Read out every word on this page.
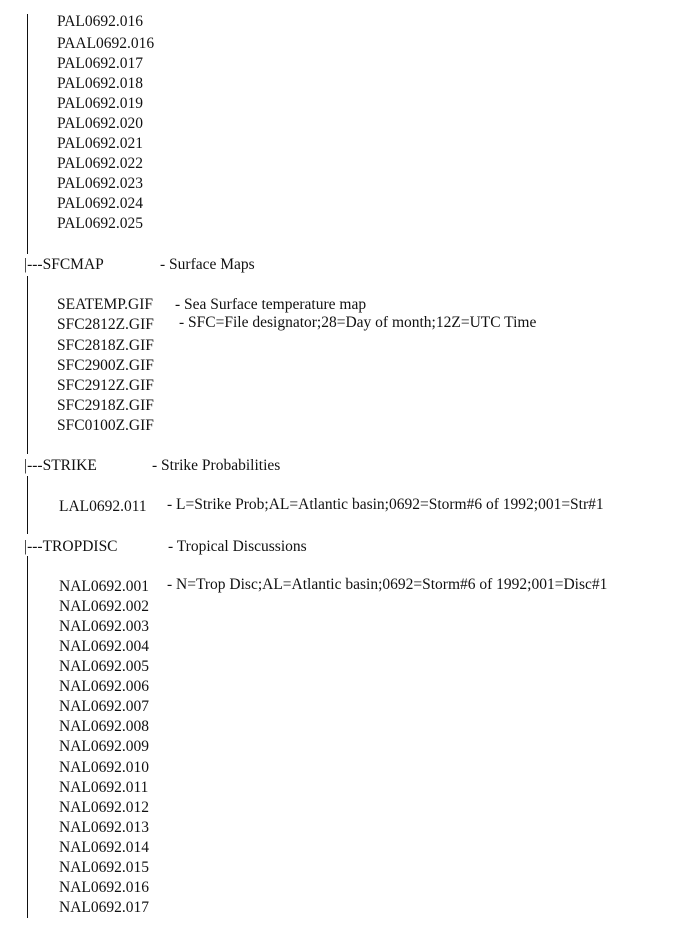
PAL0692.016
PAAL0692.016
PAL0692.017
PAL0692.018
PAL0692.019
PAL0692.020
PAL0692.021
PAL0692.022
PAL0692.023
PAL0692.024
PAL0692.025
|---SFCMAP	- Surface Maps
SEATEMP.GIF - Sea Surface temperature map
SFC2812Z.GIF - SFC=File designator;28=Day of month;12Z=UTC Time
SFC2818Z.GIF
SFC2900Z.GIF
SFC2912Z.GIF
SFC2918Z.GIF
SFC0100Z.GIF
|---STRIKE	- Strike Probabilities
LAL0692.011 - L=Strike Prob;AL=Atlantic basin;0692=Storm#6 of 1992;001=Str#1
|---TROPDISC	- Tropical Discussions
NAL0692.001 - N=Trop Disc;AL=Atlantic basin;0692=Storm#6 of 1992;001=Disc#1
NAL0692.002
NAL0692.003
NAL0692.004
NAL0692.005
NAL0692.006
NAL0692.007
NAL0692.008
NAL0692.009
NAL0692.010
NAL0692.011
NAL0692.012
NAL0692.013
NAL0692.014
NAL0692.015
NAL0692.016
NAL0692.017
